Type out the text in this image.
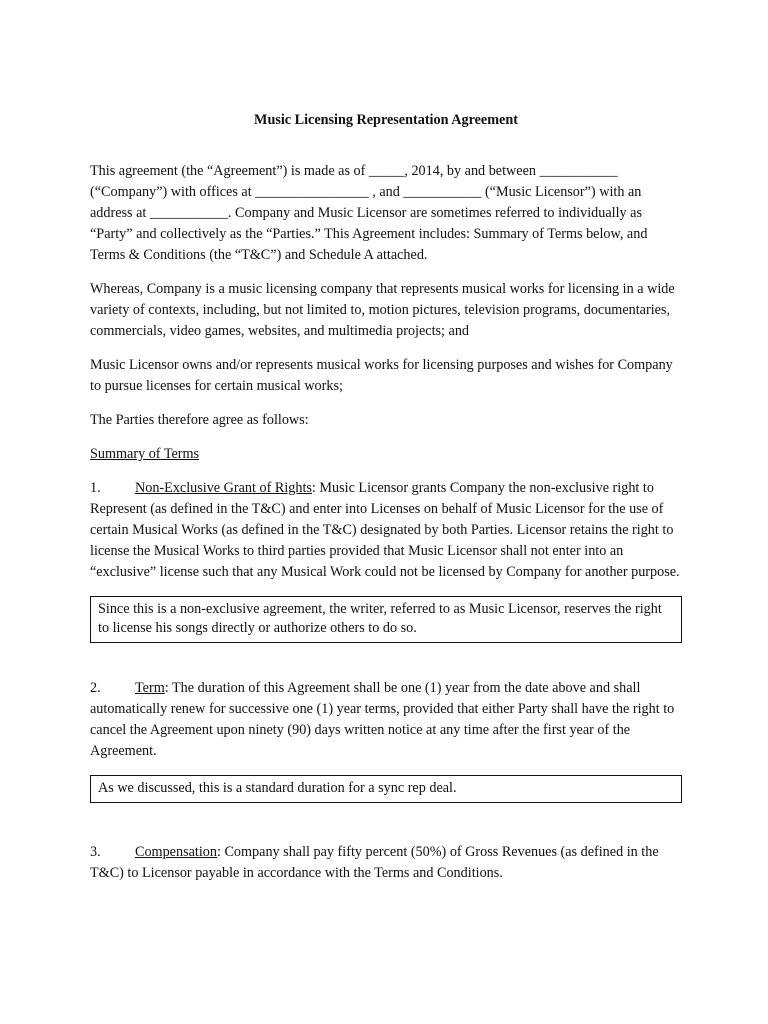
Music Licensing Representation Agreement

This agreement (the “Agreement”) is made as of _____, 2014, by and between ___________ (“Company”) with offices at ________________ , and ___________ (“Music Licensor”) with an address at ___________. Company and Music Licensor are sometimes referred to individually as “Party” and collectively as the “Parties.” This Agreement includes: Summary of Terms below, and Terms & Conditions (the “T&C”) and Schedule A attached.

Whereas, Company is a music licensing company that represents musical works for licensing in a wide variety of contexts, including, but not limited to, motion pictures, television programs, documentaries, commercials, video games, websites, and multimedia projects; and

Music Licensor owns and/or represents musical works for licensing purposes and wishes for Company to pursue licenses for certain musical works;

The Parties therefore agree as follows:

Summary of Terms

1. Non-Exclusive Grant of Rights: Music Licensor grants Company the non-exclusive right to Represent (as defined in the T&C) and enter into Licenses on behalf of Music Licensor for the use of certain Musical Works (as defined in the T&C) designated by both Parties. Licensor retains the right to license the Musical Works to third parties provided that Music Licensor shall not enter into an “exclusive” license such that any Musical Work could not be licensed by Company for another purpose.

Since this is a non-exclusive agreement, the writer, referred to as Music Licensor, reserves the right to license his songs directly or authorize others to do so.

2. Term: The duration of this Agreement shall be one (1) year from the date above and shall automatically renew for successive one (1) year terms, provided that either Party shall have the right to cancel the Agreement upon ninety (90) days written notice at any time after the first year of the Agreement.

As we discussed, this is a standard duration for a sync rep deal.

3. Compensation: Company shall pay fifty percent (50%) of Gross Revenues (as defined in the T&C) to Licensor payable in accordance with the Terms and Conditions.
